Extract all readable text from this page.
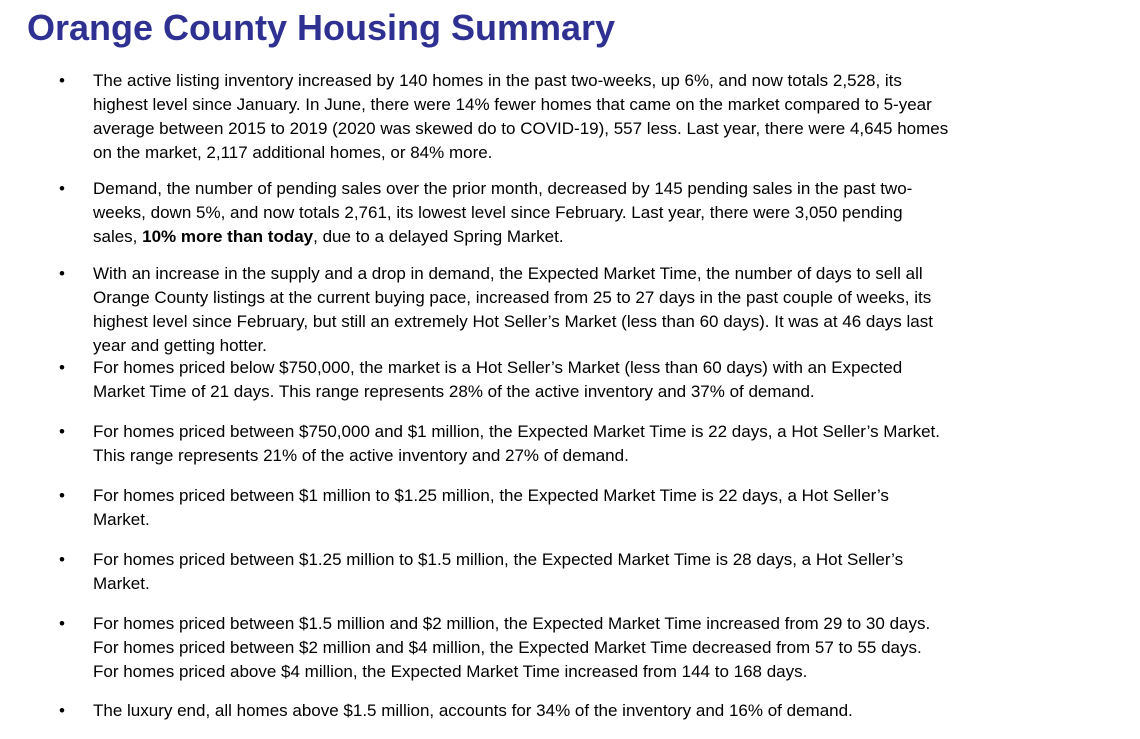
Orange County Housing Summary
• The active listing inventory increased by 140 homes in the past two-weeks, up 6%, and now totals 2,528, its
highest level since January. In June, there were 14% fewer homes that came on the market compared to 5-year
average between 2015 to 2019 (2020 was skewed do to COVID-19), 557 less. Last year, there were 4,645 homes
on the market, 2,117 additional homes, or 84% more.
• Demand, the number of pending sales over the prior month, decreased by 145 pending sales in the past two-
weeks, down 5%, and now totals 2,761, its lowest level since February. Last year, there were 3,050 pending
sales, 10% more than today, due to a delayed Spring Market.
• With an increase in the supply and a drop in demand, the Expected Market Time, the number of days to sell all
Orange County listings at the current buying pace, increased from 25 to 27 days in the past couple of weeks, its
highest level since February, but still an extremely Hot Seller’s Market (less than 60 days). It was at 46 days last
year and getting hotter.
• For homes priced below $750,000, the market is a Hot Seller’s Market (less than 60 days) with an Expected
Market Time of 21 days. This range represents 28% of the active inventory and 37% of demand.
• For homes priced between $750,000 and $1 million, the Expected Market Time is 22 days, a Hot Seller’s Market.
This range represents 21% of the active inventory and 27% of demand.
• For homes priced between $1 million to $1.25 million, the Expected Market Time is 22 days, a Hot Seller’s
Market.
• For homes priced between $1.25 million to $1.5 million, the Expected Market Time is 28 days, a Hot Seller’s
Market.
• For homes priced between $1.5 million and $2 million, the Expected Market Time increased from 29 to 30 days.
For homes priced between $2 million and $4 million, the Expected Market Time decreased from 57 to 55 days.
For homes priced above $4 million, the Expected Market Time increased from 144 to 168 days.
• The luxury end, all homes above $1.5 million, accounts for 34% of the inventory and 16% of demand.
